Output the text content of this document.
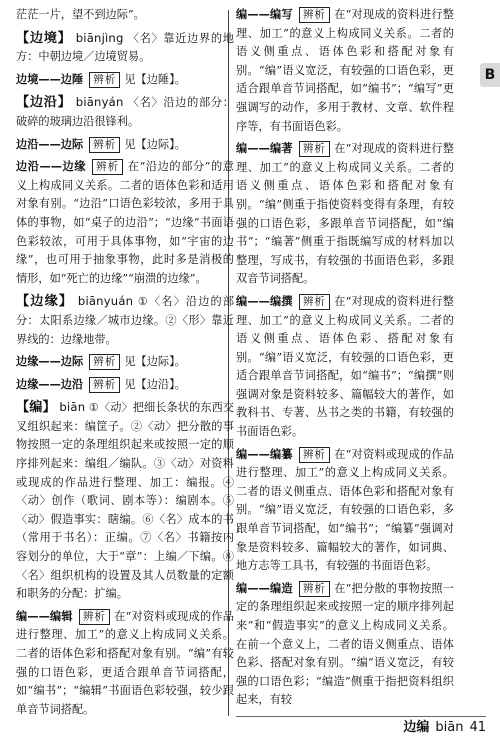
茫茫一片，望不到边际”。

【边境】 biānjìng 〈名〉靠近边界的地方：中朝边境／边境贸易。

边境——边陲 辨析 见【边陲】。

【边沿】 biānyán 〈名〉沿边的部分：破碎的玻璃边沿很锋利。

边沿——边际 辨析 见【边际】。

边沿——边缘 辨析 在“沿边的部分”的意义上构成同义关系。二者的语体色彩和适用对象有别。“边沿”口语色彩较浓，多用于具体的事物，如“桌子的边沿”；“边缘”书面语色彩较浓，可用于具体事物，如“宇宙的边缘”，也可用于抽象事物，此时多是消极的情形，如“死亡的边缘”“崩溃的边缘”。

【边缘】 biānyuán ①〈名〉沿边的部分：太阳系边缘／城市边缘。②〈形〉靠近界线的：边缘地带。

边缘——边际 辨析 见【边际】。

边缘——边沿 辨析 见【边沿】。

【编】 biān ①〈动〉把细长条状的东西交叉组织起来：编筐子。②〈动〉把分散的事物按照一定的条理组织起来或按照一定的顺序排列起来：编组／编队。③〈动〉对资料或现成的作品进行整理、加工：编报。④〈动〉创作（歌词、剧本等）：编剧本。⑤〈动〉假造事实：瞎编。⑥〈名〉成本的书（常用于书名）：正编。⑦〈名〉书籍按内容划分的单位，大于“章”：上编／下编。⑧〈名〉组织机构的设置及其人员数量的定额和职务的分配：扩编。

编——编辑 辨析 在“对资料或现成的作品进行整理、加工”的意义上构成同义关系。二者的语体色彩和搭配对象有别。“编”有较强的口语色彩，更适合跟单音节词搭配，如“编书”；“编辑”书面语色彩较强，较少跟单音节词搭配。

编——编写 辨析 在“对现成的资料进行整理、加工”的意义上构成同义关系。二者的语义侧重点、语体色彩和搭配对象有别。“编”语义宽泛，有较强的口语色彩，更适合跟单音节词搭配，如“编书”；“编写”更强调写的动作，多用于教材、文章、软件程序等，有书面语色彩。

编——编著 辨析 在“对现成的资料进行整理、加工”的意义上构成同义关系。二者的语义侧重点、语体色彩和搭配对象有别。“编”侧重于指使资料变得有条理，有较强的口语色彩，多跟单音节词搭配，如“编书”；“编著”侧重于指既编写成的材料加以整理，写成书，有较强的书面语色彩，多跟双音节词搭配。

编——编撰 辨析 在“对现成的资料进行整理、加工”的意义上构成同义关系。二者的语义侧重点、语体色彩、搭配对象有别。“编”语义宽泛，有较强的口语色彩，更适合跟单音节词搭配，如“编书”；“编撰”则强调对象是资料较多、篇幅较大的著作，如教科书、专著、丛书之类的书籍，有较强的书面语色彩。

编——编纂 辨析 在“对资料或现成的作品进行整理、加工”的意义上构成同义关系。二者的语义侧重点、语体色彩和搭配对象有别。“编”语义宽泛，有较强的口语色彩，多跟单音节词搭配，如“编书”；“编纂”强调对象是资料较多、篇幅较大的著作，如词典、地方志等工具书，有较强的书面语色彩。

编——编造 辨析 在“把分散的事物按照一定的条理组织起来或按照一定的顺序排列起来”和“假造事实”的意义上构成同义关系。在前一个意义上，二者的语义侧重点、语体色彩、搭配对象有别。“编”语义宽泛，有较强的口语色彩；“编造”侧重于指把资料组织起来，有较

B
边编 biān 41
